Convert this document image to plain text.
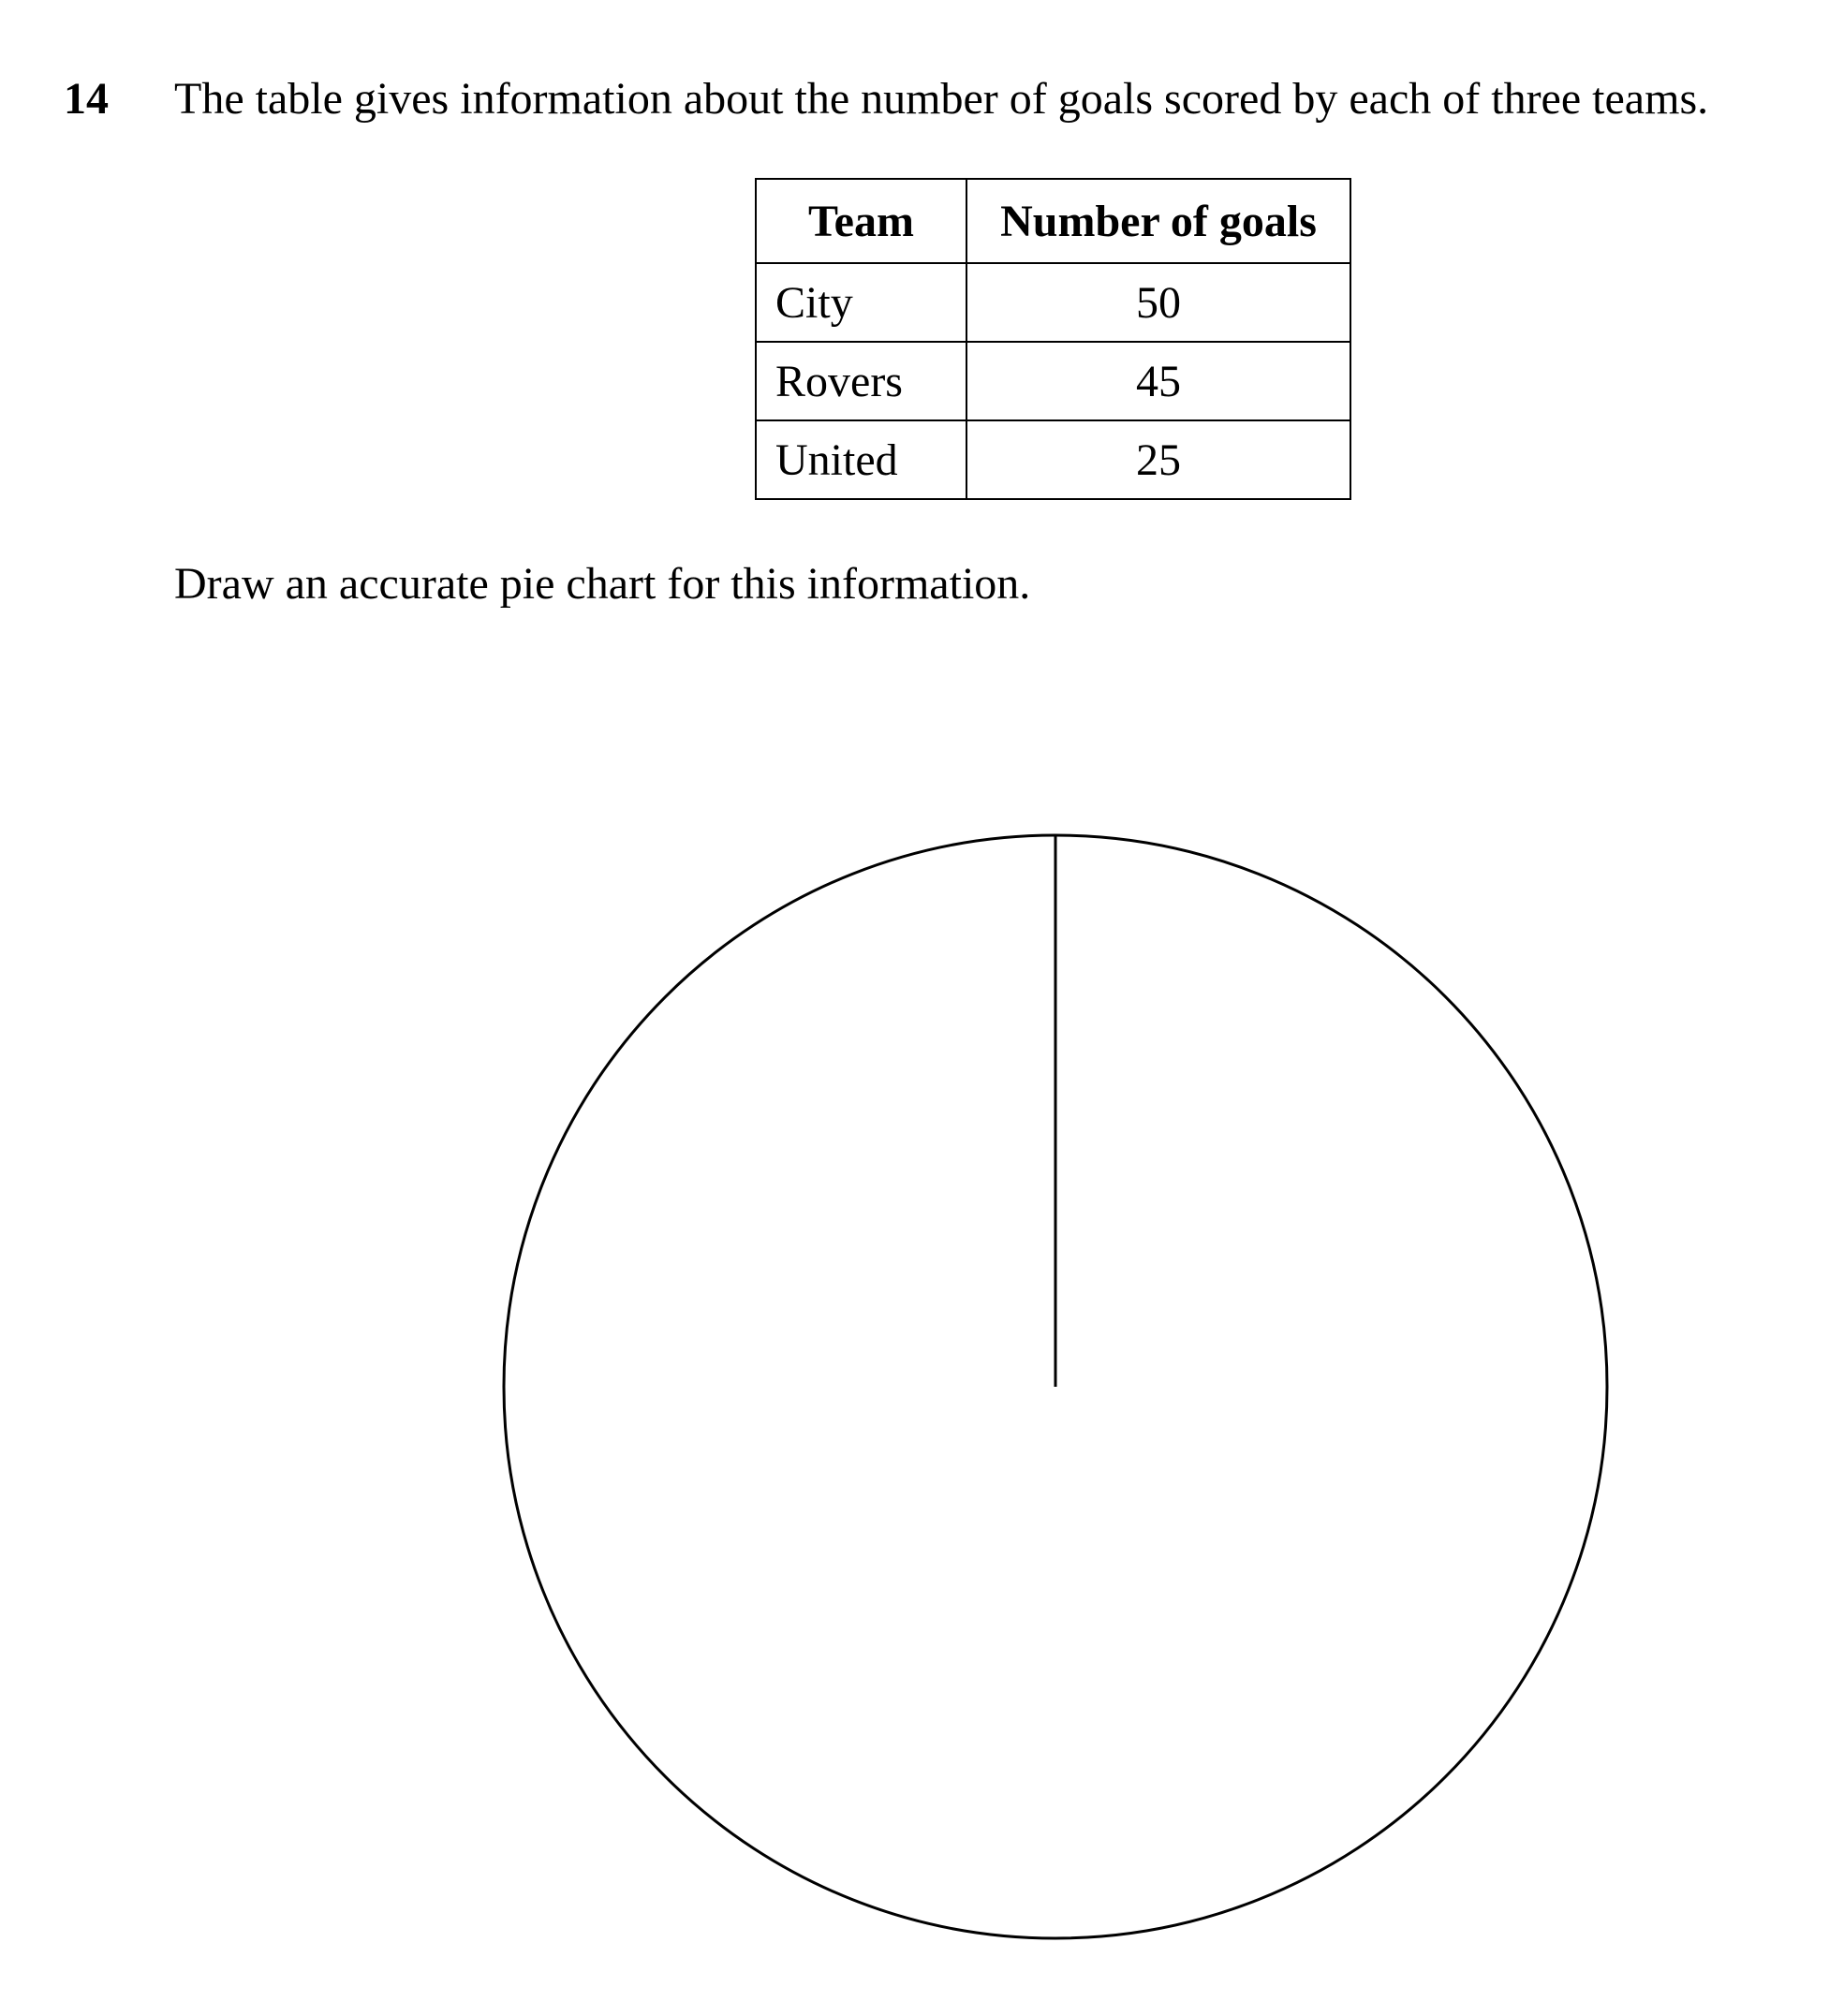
14 The table gives information about the number of goals scored by each of three teams.
Team	Number of goals
City	50
Rovers	45
United	25
Draw an accurate pie chart for this information.
